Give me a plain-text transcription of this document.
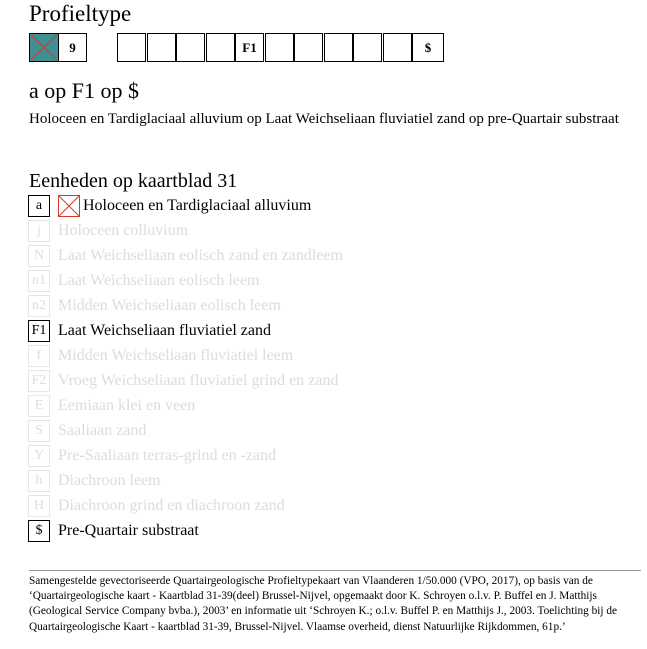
Profieltype
9	F1	$
a op F1 op $
Holoceen en Tardiglaciaal alluvium op Laat Weichseliaan fluviatiel zand op pre-Quartair substraat
Eenheden op kaartblad 31
a ☒ Holoceen en Tardiglaciaal alluvium
j	Holoceen colluvium
N Laat Weichseliaan eolisch zand en zandleem
n1 Laat Weichseliaan eolisch leem
n2 Midden Weichseliaan eolisch leem
F1 Laat Weichseliaan fluviatiel zand
f	Midden Weichseliaan fluviatiel leem
F2 Vroeg Weichseliaan fluviatiel grind en zand
E Eemiaan klei en veen
S Saaliaan zand
Y Pre-Saaliaan terras-grind en -zand
h Diachroon leem
H Diachroon grind en diachroon zand
$ Pre-Quartair substraat
Samengestelde gevectoriseerde Quartairgeologische Profieltypekaart van Vlaanderen 1/50.000 (VPO, 2017), op basis van de ‘Quartairgeologische kaart - Kaartblad 31-39(deel) Brussel-Nijvel, opgemaakt door K. Schroyen o.l.v. P. Buffel en J. Matthijs (Geological Service Company bvba.), 2003’ en informatie uit ‘Schroyen K.; o.l.v. Buffel P. en Matthijs J., 2003. Toelichting bij de Quartairgeologische Kaart - kaartblad 31-39, Brussel-Nijvel. Vlaamse overheid, dienst Natuurlijke Rijkdommen, 61p.’
